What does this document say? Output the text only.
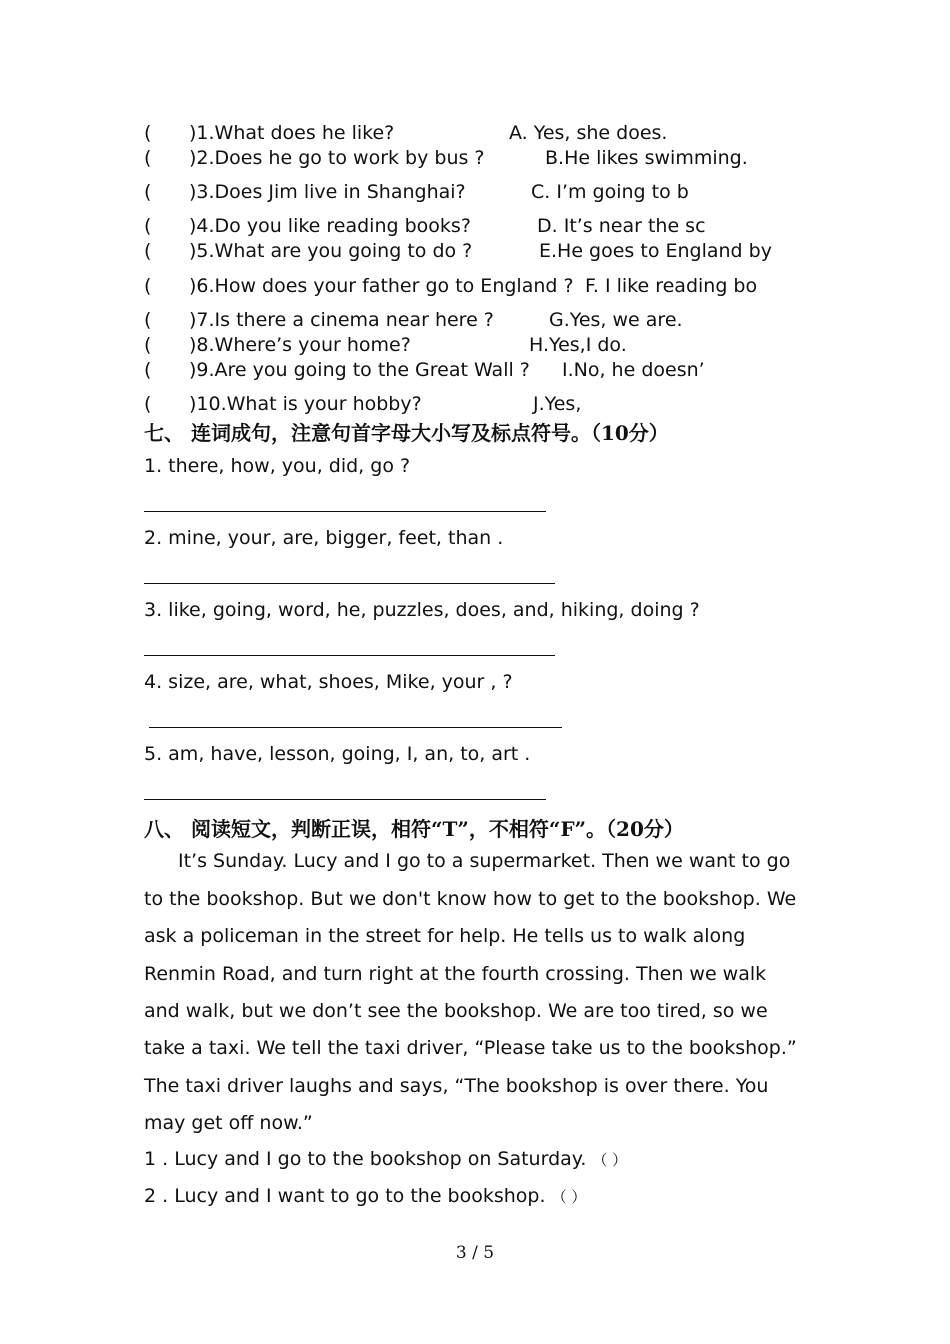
( )1.What does he like?	A. Yes, she does.
( )2.Does he go to work by bus ?	B.He likes swimming.
( )3.Does Jim live in Shanghai?	C. I’m going to b
( )4.Do you like reading books?	D. It’s near the sc
( )5.What are you going to do ?	E.He goes to England by
( )6.How does your father go to England ? F. I like reading bo
( )7.Is there a cinema near here ?	G.Yes, we are.
( )8.Where’s your home?	H.Yes,I do.
( )9.Are you going to the Great Wall ? I.No, he doesn’
( )10.What is your hobby?	J.Yes,
七、 连词成句，注意句首字母大小写及标点符号。（10分）
1. there, how, you, did, go ?
2. mine, your, are, bigger, feet, than .
3. like, going, word, he, puzzles, does, and, hiking, doing ?
4. size, are, what, shoes, Mike, your , ?
5. am, have, lesson, going, I, an, to, art .
八、 阅读短文，判断正误，相符“T”，不相符“F”。（20分）
It’s Sunday. Lucy and I go to a supermarket. Then we want to go
to the bookshop. But we don't know how to get to the bookshop. We
ask a policeman in the street for help. He tells us to walk along
Renmin Road, and turn right at the fourth crossing. Then we walk
and walk, but we don’t see the bookshop. We are too tired, so we
take a taxi. We tell the taxi driver, “Please take us to the bookshop.”
The taxi driver laughs and says, “The bookshop is over there. You
may get off now.”
1 . Lucy and I go to the bookshop on Saturday. （ ）
2 . Lucy and I want to go to the bookshop. （ ）
3 / 5
